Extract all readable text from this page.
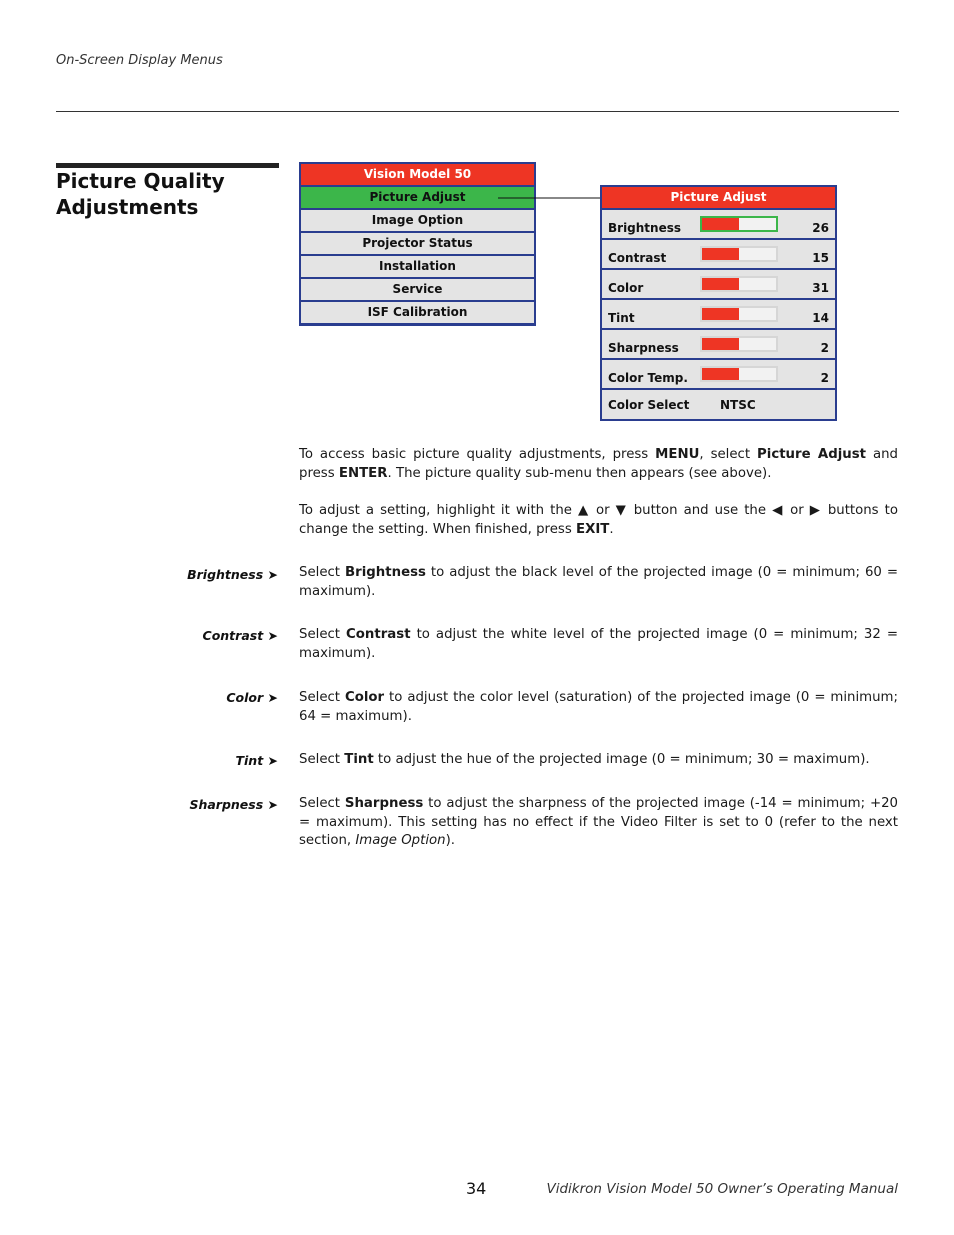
On-Screen Display Menus
Picture Quality Adjustments
Vision Model 50
Picture Adjust
Image Option
Projector Status
Installation
Service
ISF Calibration
Picture Adjust
Brightness	26
Contrast	15
Color	31
Tint	14
Sharpness	2
Color Temp.	2
Color Select	NTSC
To access basic picture quality adjustments, press MENU, select Picture Adjust and press ENTER. The picture quality sub-menu then appears (see above).
To adjust a setting, highlight it with the ▲ or ▼ button and use the ◀ or ▶ buttons to change the setting. When finished, press EXIT.
Brightness ➤ Select Brightness to adjust the black level of the projected image (0 = minimum; 60 = maximum).
Contrast ➤ Select Contrast to adjust the white level of the projected image (0 = minimum; 32 = maximum).
Color ➤ Select Color to adjust the color level (saturation) of the projected image (0 = minimum; 64 = maximum).
Tint ➤ Select Tint to adjust the hue of the projected image (0 = minimum; 30 = maximum).
Sharpness ➤ Select Sharpness to adjust the sharpness of the projected image (-14 = minimum; +20 = maximum). This setting has no effect if the Video Filter is set to 0 (refer to the next section, Image Option).
34	Vidikron Vision Model 50 Owner’s Operating Manual
